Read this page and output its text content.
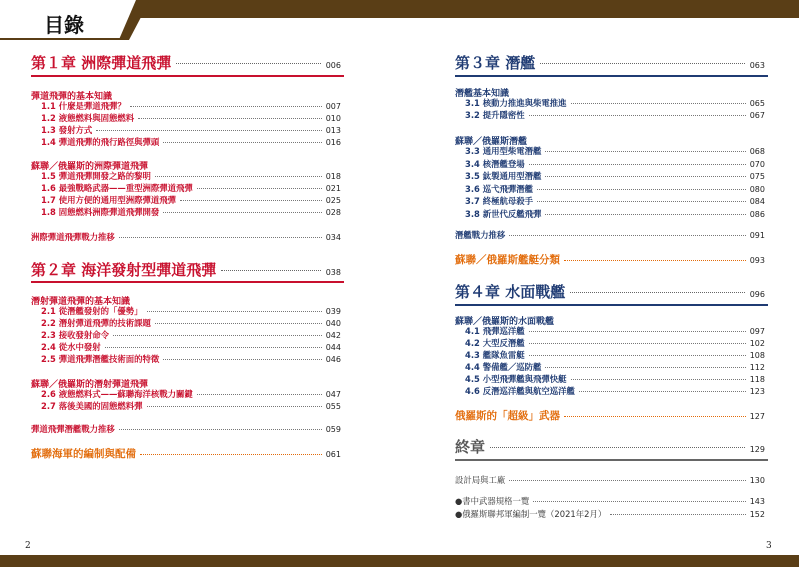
目錄
第１章 洲際彈道飛彈	006
彈道飛彈的基本知識
1.1 什麼是彈道飛彈？	007
1.2 液態燃料與固態燃料	010
1.3 發射方式	013
1.4 彈道飛彈的飛行路徑與彈頭	016
蘇聯／俄羅斯的洲際彈道飛彈
1.5 彈道飛彈開發之路的黎明	018
1.6 最強戰略武器——重型洲際彈道飛彈	021
1.7 使用方便的通用型洲際彈道飛彈	025
1.8 固態燃料洲際彈道飛彈開發	028
洲際彈道飛彈戰力推移	034
第２章 海洋發射型彈道飛彈	038
潛射彈道飛彈的基本知識
2.1 從潛艦發射的「優勢」	039
2.2 潛射彈道飛彈的技術課題	040
2.3 接收發射命令	042
2.4 從水中發射	044
2.5 彈道飛彈潛艦技術面的特徵	046
蘇聯／俄羅斯的潛射彈道飛彈
2.6 液態燃料式——蘇聯海洋核戰力關鍵	047
2.7 落後美國的固態燃料彈	055
彈道飛彈潛艦戰力推移	059
蘇聯海軍的編制與配備	061
第３章 潛艦	063
潛艦基本知識
3.1 核動力推進與柴電推進	065
3.2 提升隱密性	067
蘇聯／俄羅斯潛艦
3.3 通用型柴電潛艦	068
3.4 核潛艦登場	070
3.5 鈦製通用型潛艦	075
3.6 巡弋飛彈潛艦	080
3.7 終極航母殺手	084
3.8 新世代反艦飛彈	086
潛艦戰力推移	091
蘇聯／俄羅斯艦艇分類	093
第４章 水面戰艦	096
蘇聯／俄羅斯的水面戰艦
4.1 飛彈巡洋艦	097
4.2 大型反潛艦	102
4.3 艦隊魚雷艇	108
4.4 警備艦／巡防艦	112
4.5 小型飛彈艦與飛彈快艇	118
4.6 反潛巡洋艦與航空巡洋艦	123
俄羅斯的「超級」武器	127
終章	129
設計局與工廠	130
●書中武器規格一覽	143
●俄羅斯聯邦軍編制一覽（2021年2月）	152
2	3
